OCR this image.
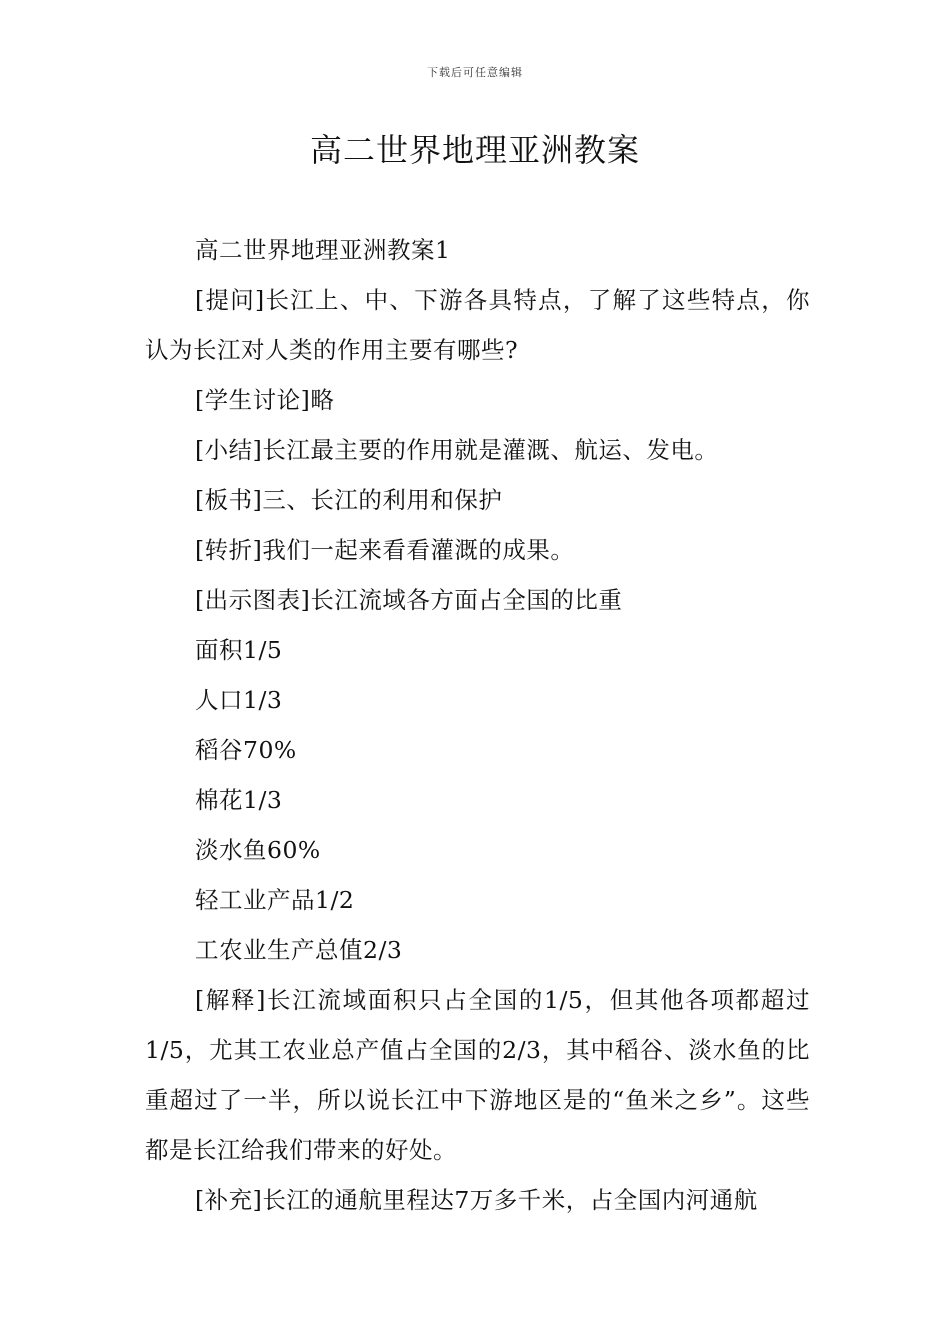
下载后可任意编辑
高二世界地理亚洲教案

高二世界地理亚洲教案1

[提问]长江上、中、下游各具特点，了解了这些特点，你认为长江对人类的作用主要有哪些?

[学生讨论]略

[小结]长江最主要的作用就是灌溉、航运、发电。

[板书]三、长江的利用和保护

[转折]我们一起来看看灌溉的成果。

[出示图表]长江流域各方面占全国的比重

面积1/5

人口1/3

稻谷70%

棉花1/3

淡水鱼60%

轻工业产品1/2

工农业生产总值2/3

[解释]长江流域面积只占全国的1/5，但其他各项都超过1/5，尤其工农业总产值占全国的2/3，其中稻谷、淡水鱼的比重超过了一半，所以说长江中下游地区是的“鱼米之乡”。这些都是长江给我们带来的好处。

[补充]长江的通航里程达7万多千米，占全国内河通航
